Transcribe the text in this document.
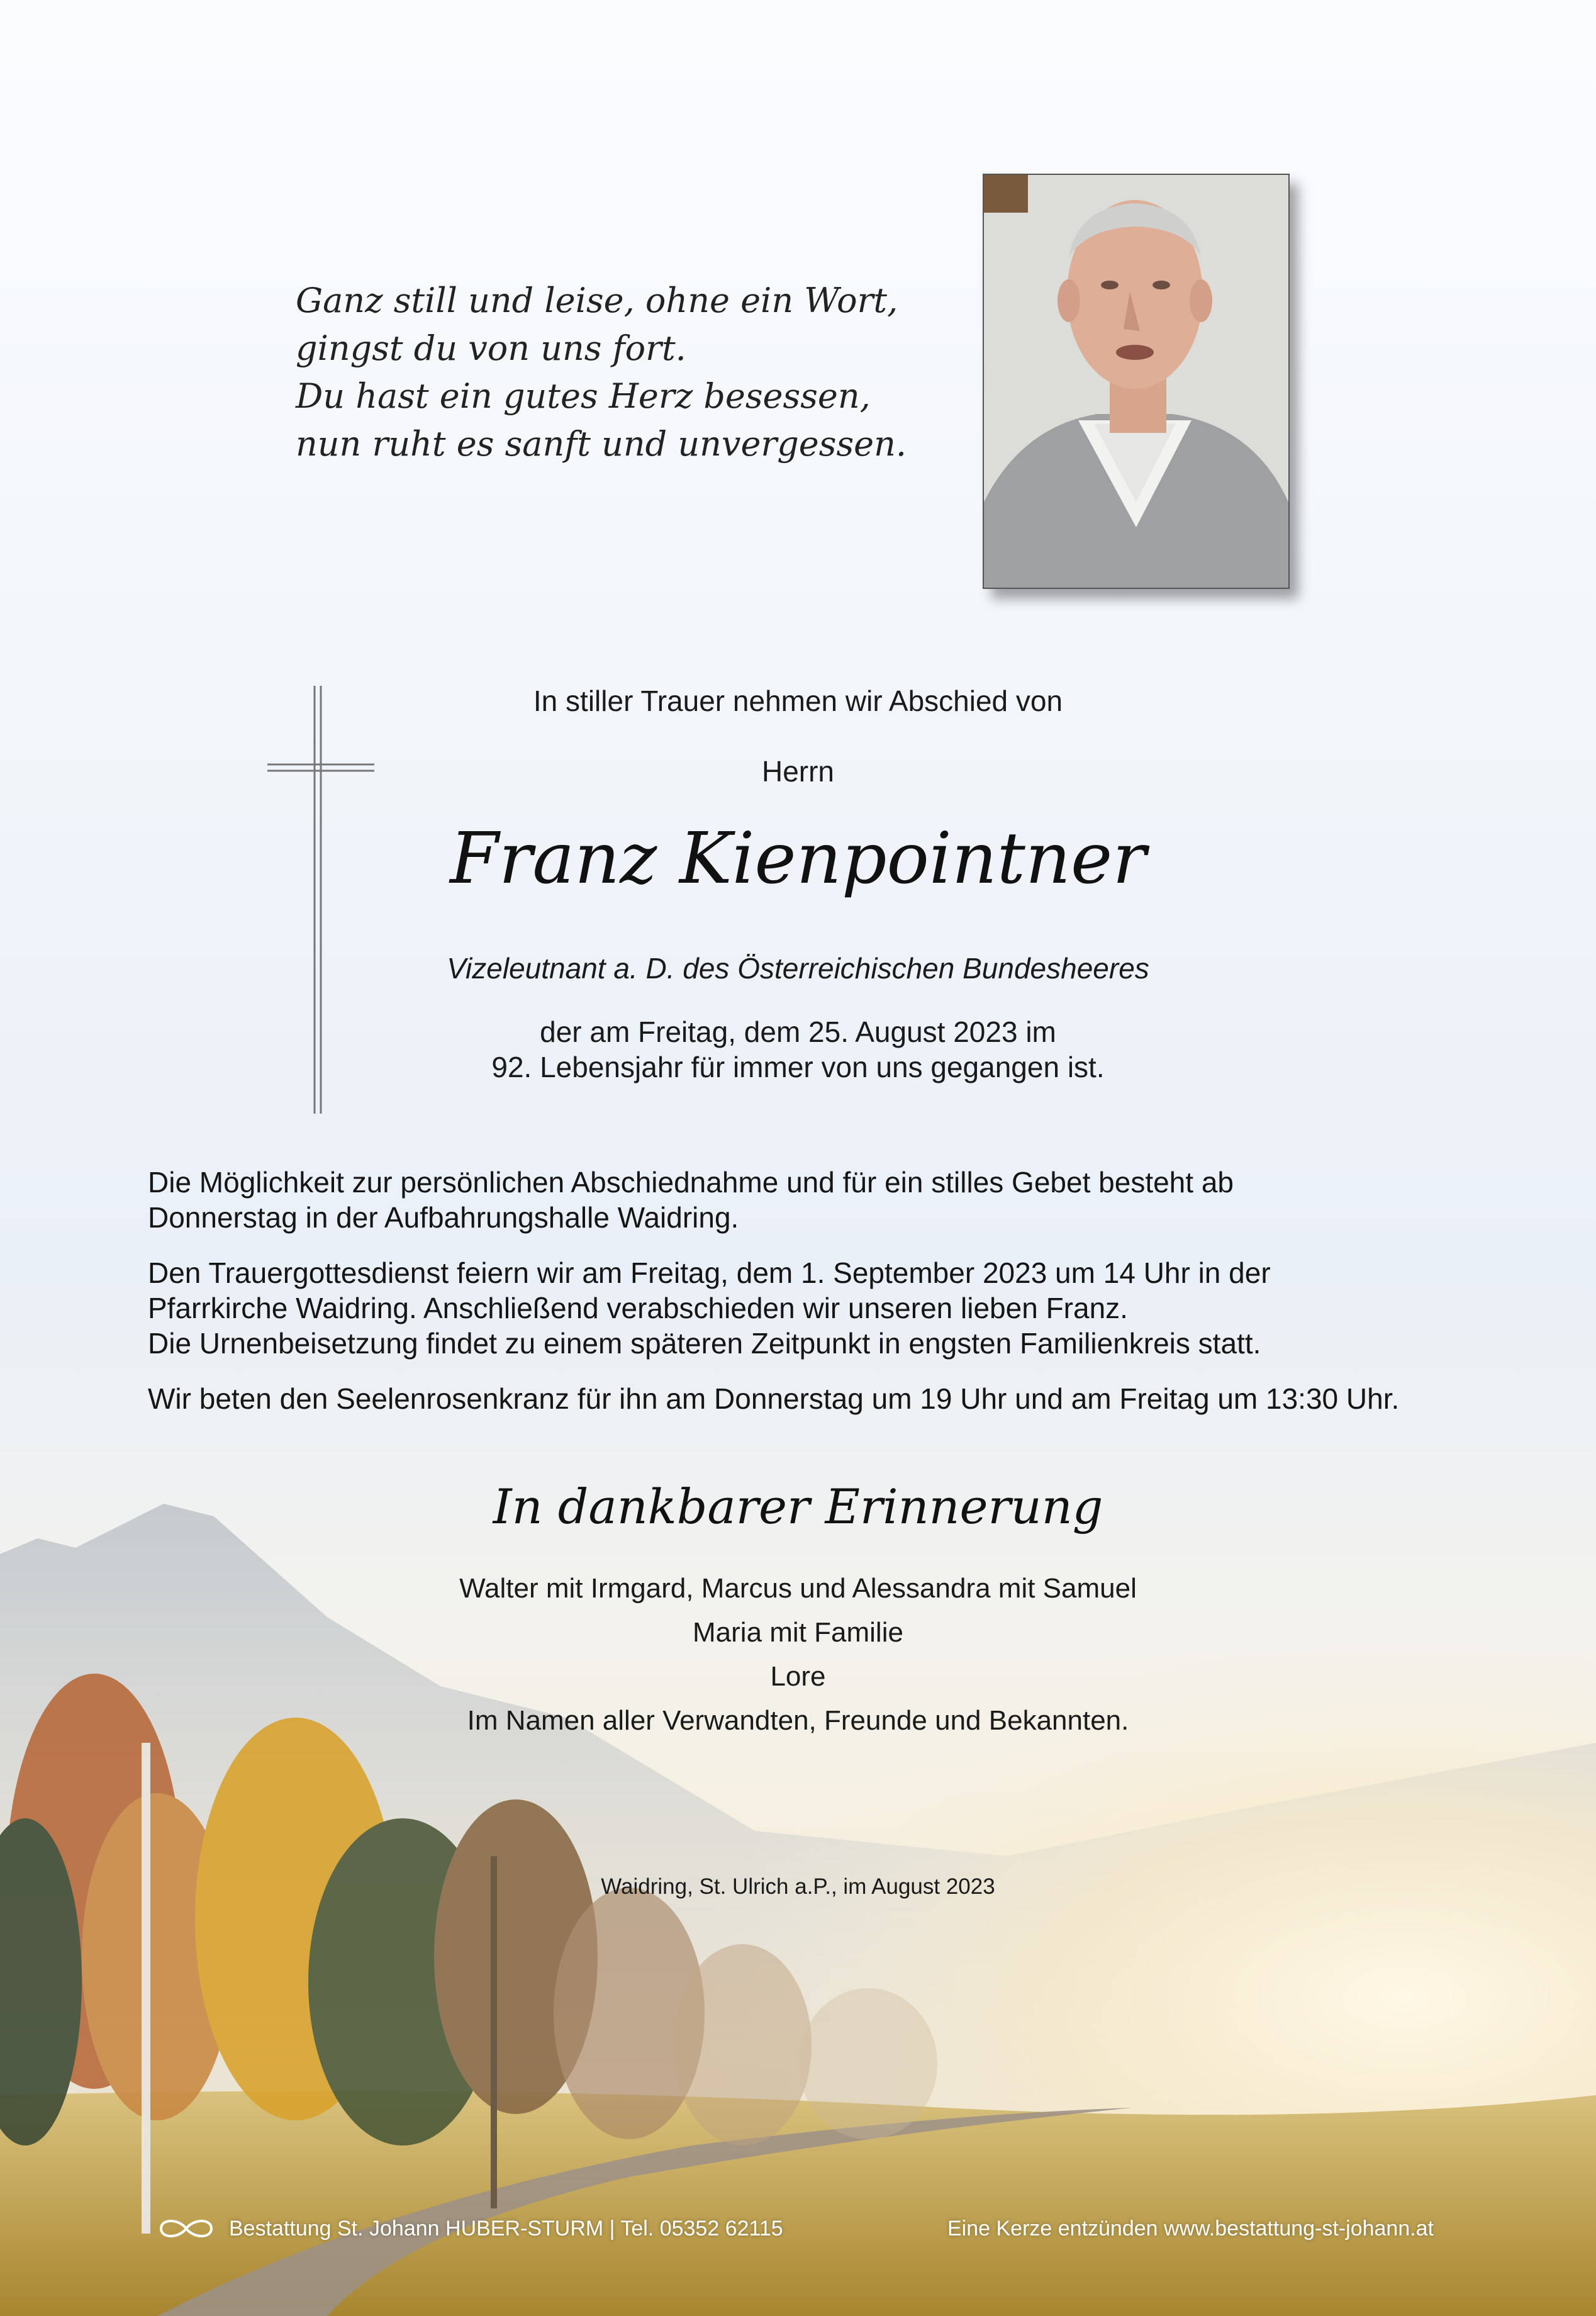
Ganz still und leise, ohne ein Wort,
gingst du von uns fort.
Du hast ein gutes Herz besessen,
nun ruht es sanft und unvergessen.
In stiller Trauer nehmen wir Abschied von
Herrn
Franz Kienpointner
Vizeleutnant a. D. des Österreichischen Bundesheeres
der am Freitag, dem 25. August 2023 im
92. Lebensjahr für immer von uns gegangen ist.
Die Möglichkeit zur persönlichen Abschiednahme und für ein stilles Gebet besteht ab
Donnerstag in der Aufbahrungshalle Waidring.
Den Trauergottesdienst feiern wir am Freitag, dem 1. September 2023 um 14 Uhr in der
Pfarrkirche Waidring. Anschließend verabschieden wir unseren lieben Franz.
Die Urnenbeisetzung findet zu einem späteren Zeitpunkt in engsten Familienkreis statt.
Wir beten den Seelenrosenkranz für ihn am Donnerstag um 19 Uhr und am Freitag um 13:30 Uhr.
In dankbarer Erinnerung
Walter mit Irmgard, Marcus und Alessandra mit Samuel
Maria mit Familie
Lore
Im Namen aller Verwandten, Freunde und Bekannten.
Waidring, St. Ulrich a.P., im August 2023
Bestattung St. Johann HUBER-STURM | Tel. 05352 62115	Eine Kerze entzünden www.bestattung-st-johann.at
